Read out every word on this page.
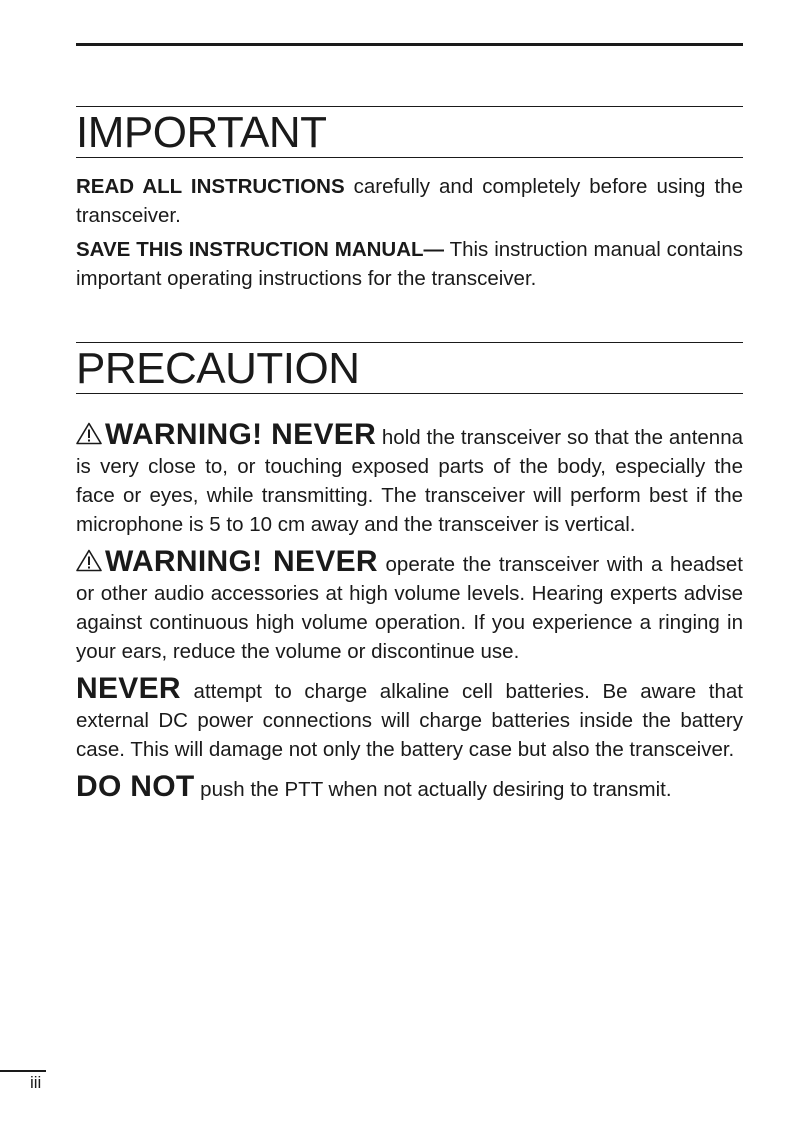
IMPORTANT

READ ALL INSTRUCTIONS carefully and completely before using the transceiver.

SAVE THIS INSTRUCTION MANUAL— This instruction manual contains important operating instructions for the transceiver.

PRECAUTION

WARNING! NEVER hold the transceiver so that the antenna is very close to, or touching exposed parts of the body, especially the face or eyes, while transmitting. The transceiver will perform best if the microphone is 5 to 10 cm away and the transceiver is vertical.

WARNING! NEVER operate the transceiver with a headset or other audio accessories at high volume levels. Hearing experts advise against continuous high volume operation. If you experience a ringing in your ears, reduce the volume or discontinue use.

NEVER attempt to charge alkaline cell batteries. Be aware that external DC power connections will charge batteries inside the battery case. This will damage not only the battery case but also the transceiver.

DO NOT push the PTT when not actually desiring to transmit.

iii
